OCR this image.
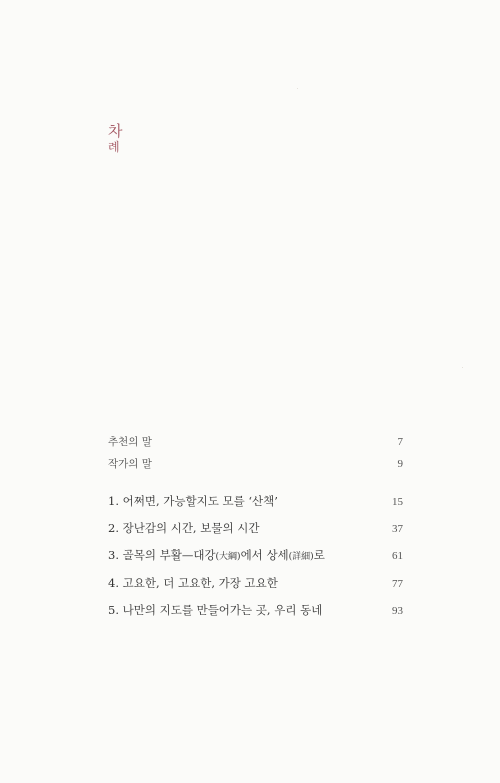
차
례
추천의 말	7
작가의 말	9
1. 어쩌면, 가능할지도 모를 ‘산책’	15
2. 장난감의 시간, 보물의 시간	37
3. 골목의 부활—대강(大綱)에서 상세(詳細)로	61
4. 고요한, 더 고요한, 가장 고요한	77
5. 나만의 지도를 만들어가는 곳, 우리 동네	93
